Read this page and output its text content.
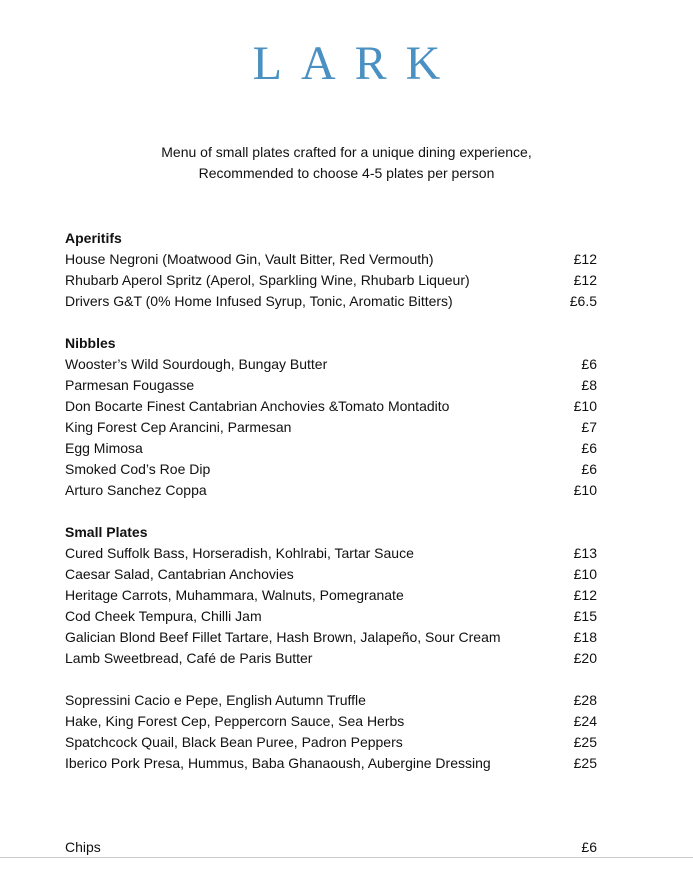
LARK
Menu of small plates crafted for a unique dining experience,
Recommended to choose 4-5 plates per person
Aperitifs
House Negroni (Moatwood Gin, Vault Bitter, Red Vermouth)	£12
Rhubarb Aperol Spritz (Aperol, Sparkling Wine, Rhubarb Liqueur)	£12
Drivers G&T (0% Home Infused Syrup, Tonic, Aromatic Bitters)	£6.5
Nibbles
Wooster’s Wild Sourdough, Bungay Butter	£6
Parmesan Fougasse	£8
Don Bocarte Finest Cantabrian Anchovies &Tomato Montadito	£10
King Forest Cep Arancini, Parmesan	£7
Egg Mimosa	£6
Smoked Cod’s Roe Dip	£6
Arturo Sanchez Coppa	£10
Small Plates
Cured Suffolk Bass, Horseradish, Kohlrabi, Tartar Sauce	£13
Caesar Salad, Cantabrian Anchovies	£10
Heritage Carrots, Muhammara, Walnuts, Pomegranate	£12
Cod Cheek Tempura, Chilli Jam	£15
Galician Blond Beef Fillet Tartare, Hash Brown, Jalapeño, Sour Cream	£18
Lamb Sweetbread, Café de Paris Butter	£20
Sopressini Cacio e Pepe, English Autumn Truffle	£28
Hake, King Forest Cep, Peppercorn Sauce, Sea Herbs	£24
Spatchcock Quail, Black Bean Puree, Padron Peppers	£25
Iberico Pork Presa, Hummus, Baba Ghanaoush, Aubergine Dressing	£25
Chips	£6
